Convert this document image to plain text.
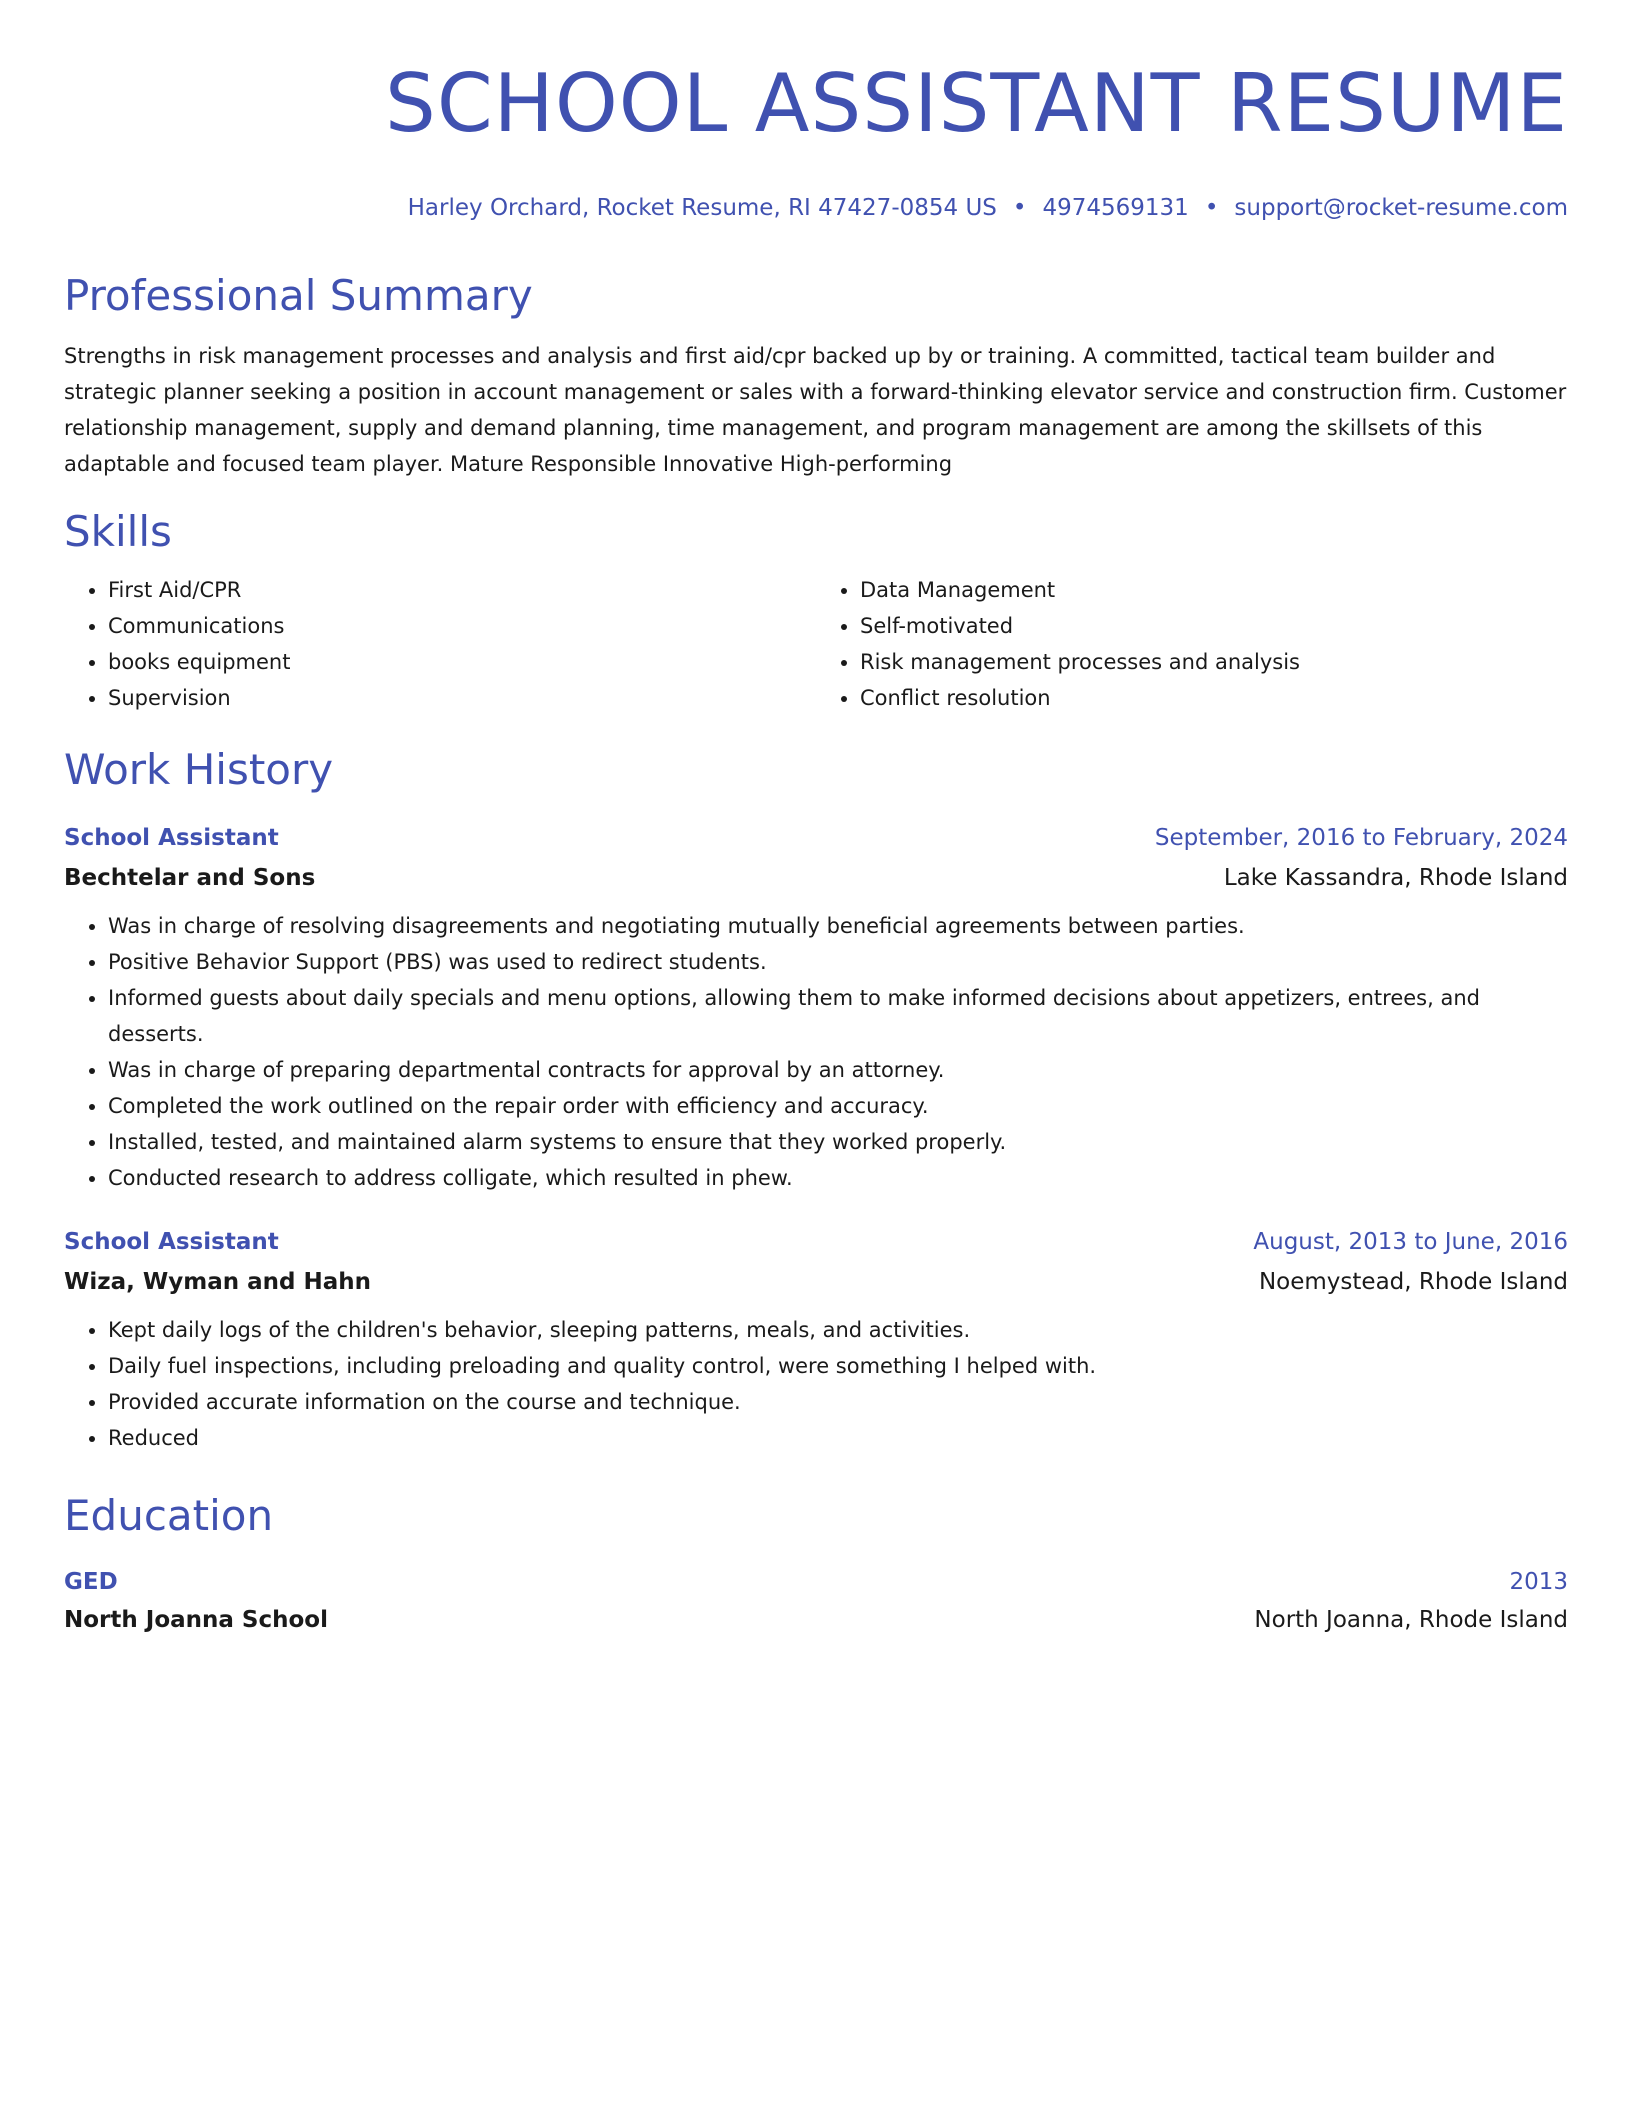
SCHOOL ASSISTANT RESUME
Harley Orchard, Rocket Resume, RI 47427-0854 US • 4974569131 • support@rocket-resume.com
Professional Summary
Strengths in risk management processes and analysis and first aid/cpr backed up by or training. A committed, tactical team builder and strategic planner seeking a position in account management or sales with a forward-thinking elevator service and construction firm. Customer relationship management, supply and demand planning, time management, and program management are among the skillsets of this adaptable and focused team player. Mature Responsible Innovative High-performing
Skills
• First Aid/CPR
• Communications
• books equipment
• Supervision
• Data Management
• Self-motivated
• Risk management processes and analysis
• Conflict resolution
Work History
School Assistant	September, 2016 to February, 2024
Bechtelar and Sons	Lake Kassandra, Rhode Island
• Was in charge of resolving disagreements and negotiating mutually beneficial agreements between parties.
• Positive Behavior Support (PBS) was used to redirect students.
• Informed guests about daily specials and menu options, allowing them to make informed decisions about appetizers, entrees, and desserts.
• Was in charge of preparing departmental contracts for approval by an attorney.
• Completed the work outlined on the repair order with efficiency and accuracy.
• Installed, tested, and maintained alarm systems to ensure that they worked properly.
• Conducted research to address colligate, which resulted in phew.
School Assistant	August, 2013 to June, 2016
Wiza, Wyman and Hahn	Noemystead, Rhode Island
• Kept daily logs of the children's behavior, sleeping patterns, meals, and activities.
• Daily fuel inspections, including preloading and quality control, were something I helped with.
• Provided accurate information on the course and technique.
• Reduced
Education
GED	2013
North Joanna School	North Joanna, Rhode Island
